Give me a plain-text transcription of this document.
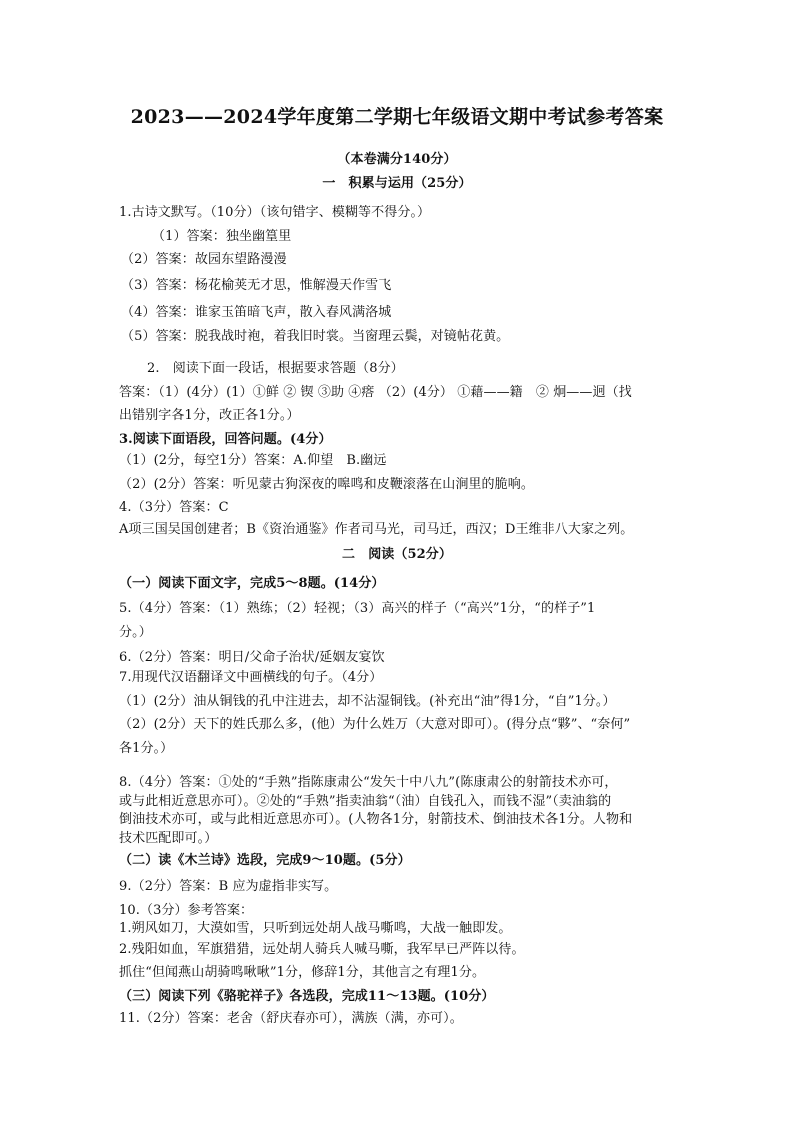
2023——2024学年度第二学期七年级语文期中考试参考答案
（本卷满分140分）
一　积累与运用（25分）
1.古诗文默写。（10分）（该句错字、模糊等不得分。）
（1）答案：独坐幽篁里
（2）答案：故园东望路漫漫
（3）答案：杨花榆荚无才思，惟解漫天作雪飞
（4）答案：谁家玉笛暗飞声，散入春风满洛城
（5）答案：脱我战时袍，着我旧时裳。当窗理云鬓，对镜帖花黄。
2.　阅读下面一段话，根据要求答题（8分）
答案：（1）(4分）(1）①鲜 ② 锲 ③助 ④瘩 （2）(4分） ①藉——籍　② 炯——迥（找
出错别字各1分，改正各1分。）
3.阅读下面语段，回答问题。(4分）
（1）(2分，每空1分）答案：A.仰望　B.幽远
（2）(2分）答案：听见蒙古狗深夜的嗥鸣和皮鞭滚落在山涧里的脆响。
4.（3分）答案：C
A项三国吴国创建者；B《资治通鉴》作者司马光，司马迁，西汉；D王维非八大家之列。
二　阅读（52分）
（一）阅读下面文字，完成5～8题。(14分）
5.（4分）答案：（1）熟练；（2）轻视；（3）高兴的样子（“高兴”1分，“的样子”1
分。）
6.（2分）答案：明日/父命子治状/延姻友宴饮
7.用现代汉语翻译文中画横线的句子。（4分）
（1）(2分）油从铜钱的孔中注进去，却不沾湿铜钱。(补充出“油”得1分，“自”1分。）
（2）(2分）天下的姓氏那么多，(他）为什么姓万（大意对即可）。(得分点“夥”、“奈何”
各1分。）
8.（4分）答案：①处的“手熟”指陈康肃公“发矢十中八九”(陈康肃公的射箭技术亦可，
或与此相近意思亦可）。②处的“手熟”指卖油翁“（油）自钱孔入，而钱不湿”（卖油翁的
倒油技术亦可，或与此相近意思亦可）。(人物各1分，射箭技术、倒油技术各1分。人物和
技术匹配即可。）
（二）读《木兰诗》选段，完成9～10题。(5分）
9.（2分）答案：B 应为虚指非实写。
10.（3分）参考答案：
1.朔风如刀，大漠如雪，只听到远处胡人战马嘶鸣，大战一触即发。
2.残阳如血，军旗猎猎，远处胡人骑兵人喊马嘶，我军早已严阵以待。
抓住“但闻燕山胡骑鸣啾啾”1分，修辞1分，其他言之有理1分。
（三）阅读下列《骆驼祥子》各选段，完成11～13题。(10分）
11.（2分）答案：老舍（舒庆春亦可），满族（满，亦可）。
